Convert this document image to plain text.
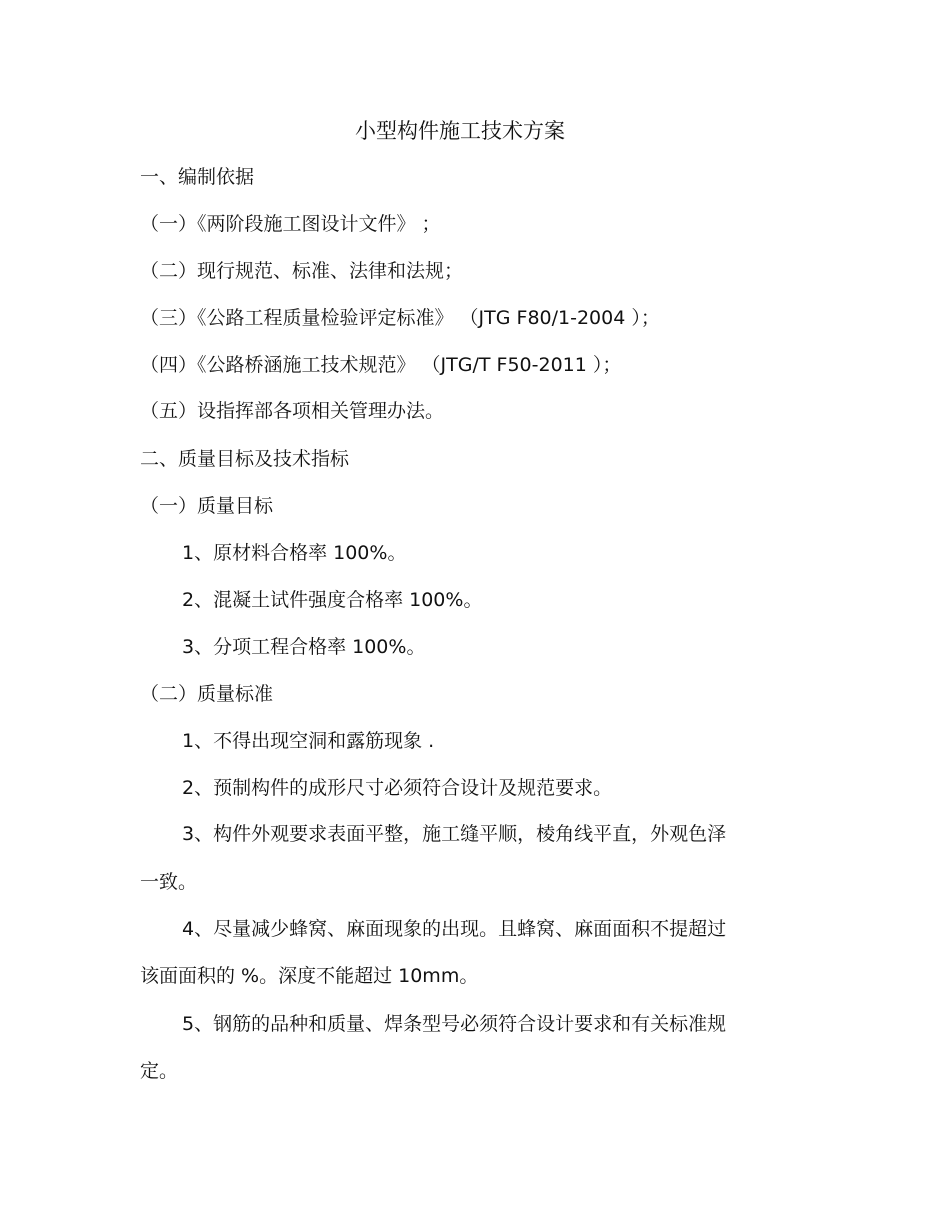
小型构件施工技术方案
一、编制依据
（一）《两阶段施工图设计文件》 ；
（二）现行规范、标准、法律和法规；
（三）《公路工程质量检验评定标准》 （JTG F80/1-2004 ）；
（四）《公路桥涵施工技术规范》 （JTG/T F50-2011 ）；
（五）设指挥部各项相关管理办法。
二、质量目标及技术指标
（一）质量目标
1、原材料合格率 100%。
2、混凝土试件强度合格率 100%。
3、分项工程合格率 100%。
（二）质量标准
1、不得出现空洞和露筋现象 .
2、预制构件的成形尺寸必须符合设计及规范要求。
3、构件外观要求表面平整，施工缝平顺，棱角线平直，外观色泽
一致。
4、尽量减少蜂窝、麻面现象的出现。且蜂窝、麻面面积不提超过
该面面积的 %。深度不能超过 10mm。
5、钢筋的品种和质量、焊条型号必须符合设计要求和有关标准规
定。
